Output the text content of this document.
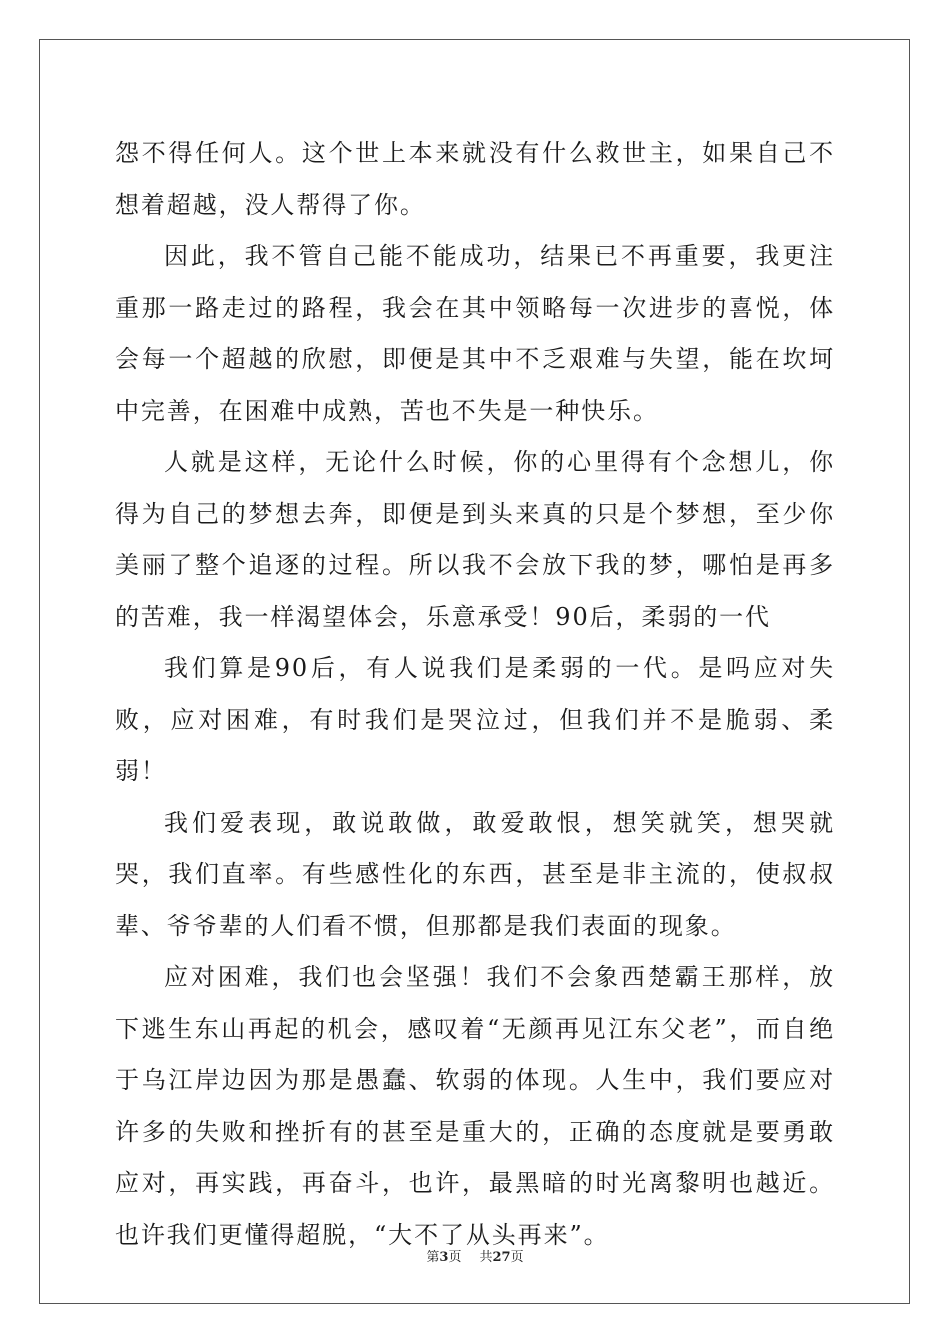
怨不得任何人。这个世上本来就没有什么救世主，如果自己不想着超越，没人帮得了你。

因此，我不管自己能不能成功，结果已不再重要，我更注重那一路走过的路程，我会在其中领略每一次进步的喜悦，体会每一个超越的欣慰，即便是其中不乏艰难与失望，能在坎坷中完善，在困难中成熟，苦也不失是一种快乐。

人就是这样，无论什么时候，你的心里得有个念想儿，你得为自己的梦想去奔，即便是到头来真的只是个梦想，至少你美丽了整个追逐的过程。所以我不会放下我的梦，哪怕是再多的苦难，我一样渴望体会，乐意承受！90后，柔弱的一代

我们算是90后，有人说我们是柔弱的一代。是吗应对失败，应对困难，有时我们是哭泣过，但我们并不是脆弱、柔弱！

我们爱表现，敢说敢做，敢爱敢恨，想笑就笑，想哭就哭，我们直率。有些感性化的东西，甚至是非主流的，使叔叔辈、爷爷辈的人们看不惯，但那都是我们表面的现象。

应对困难，我们也会坚强！我们不会象西楚霸王那样，放下逃生东山再起的机会，感叹着“无颜再见江东父老”，而自绝于乌江岸边因为那是愚蠢、软弱的体现。人生中，我们要应对许多的失败和挫折有的甚至是重大的，正确的态度就是要勇敢应对，再实践，再奋斗，也许，最黑暗的时光离黎明也越近。也许我们更懂得超脱，“大不了从头再来”。

第3页 共27页
